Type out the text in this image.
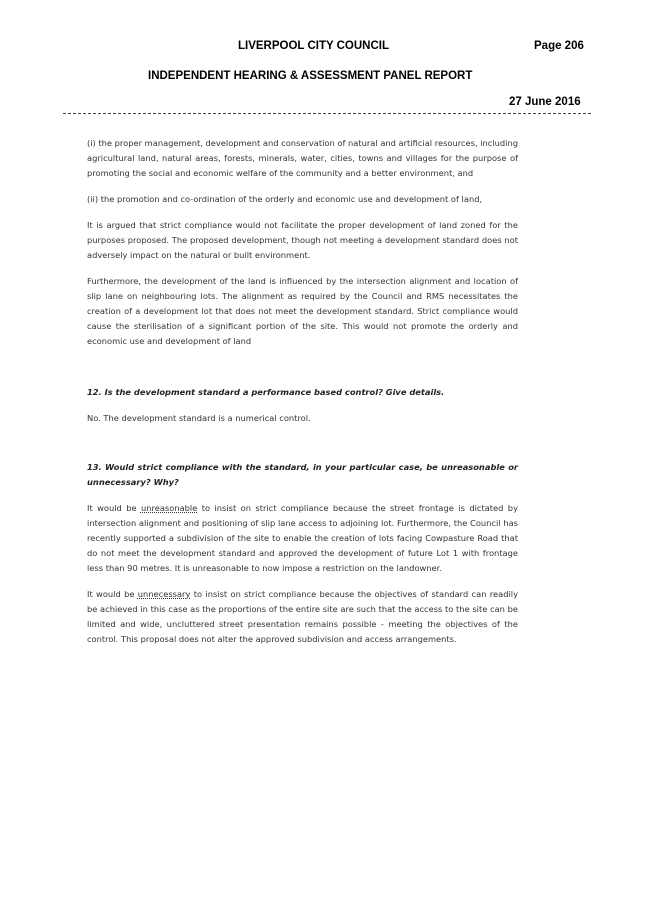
LIVERPOOL CITY COUNCIL	Page 206
INDEPENDENT HEARING & ASSESSMENT PANEL REPORT
27 June 2016

(i) the proper management, development and conservation of natural and artificial resources, including agricultural land, natural areas, forests, minerals, water, cities, towns and villages for the purpose of promoting the social and economic welfare of the community and a better environment, and

(ii) the promotion and co-ordination of the orderly and economic use and development of land,

It is argued that strict compliance would not facilitate the proper development of land zoned for the purposes proposed. The proposed development, though not meeting a development standard does not adversely impact on the natural or built environment.

Furthermore, the development of the land is influenced by the intersection alignment and location of slip lane on neighbouring lots. The alignment as required by the Council and RMS necessitates the creation of a development lot that does not meet the development standard. Strict compliance would cause the sterilisation of a significant portion of the site. This would not promote the orderly and economic use and development of land

12. Is the development standard a performance based control? Give details.

No. The development standard is a numerical control.

13. Would strict compliance with the standard, in your particular case, be unreasonable or unnecessary? Why?

It would be unreasonable to insist on strict compliance because the street frontage is dictated by intersection alignment and positioning of slip lane access to adjoining lot. Furthermore, the Council has recently supported a subdivision of the site to enable the creation of lots facing Cowpasture Road that do not meet the development standard and approved the development of future Lot 1 with frontage less than 90 metres. It is unreasonable to now impose a restriction on the landowner.

It would be unnecessary to insist on strict compliance because the objectives of standard can readily be achieved in this case as the proportions of the entire site are such that the access to the site can be limited and wide, uncluttered street presentation remains possible - meeting the objectives of the control. This proposal does not alter the approved subdivision and access arrangements.
